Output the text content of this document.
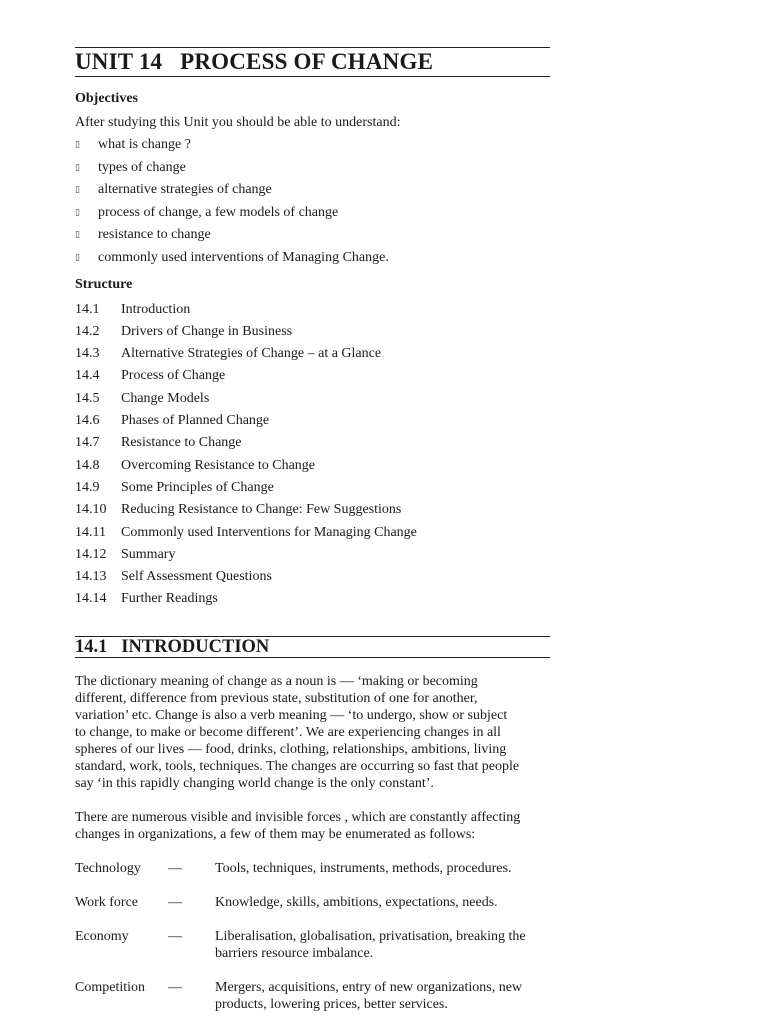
UNIT 14   PROCESS OF CHANGE
Objectives
After studying this Unit you should be able to understand:
▯ what is change ?
▯ types of change
▯ alternative strategies of change
▯ process of change, a few models of change
▯ resistance to change
▯ commonly used interventions of Managing Change.
Structure
14.1	Introduction
14.2	Drivers of Change in Business
14.3	Alternative Strategies of Change – at a Glance
14.4	Process of Change
14.5	Change Models
14.6	Phases of Planned Change
14.7	Resistance to Change
14.8	Overcoming Resistance to Change
14.9	Some Principles of Change
14.10	Reducing Resistance to Change: Few Suggestions
14.11	Commonly used Interventions for Managing Change
14.12	Summary
14.13	Self Assessment Questions
14.14	Further Readings
14.1   INTRODUCTION
The dictionary meaning of change as a noun is — ‘making or becoming
different, difference from previous state, substitution of one for another,
variation’ etc. Change is also a verb meaning — ‘to undergo, show or subject
to change, to make or become different’. We are experiencing changes in all
spheres of our lives — food, drinks, clothing, relationships, ambitions, living
standard, work, tools, techniques. The changes are occurring so fast that people
say ‘in this rapidly changing world change is the only constant’.
There are numerous visible and invisible forces , which are constantly affecting
changes in organizations, a few of them may be enumerated as follows:
Technology	—	Tools, techniques, instruments, methods, procedures.
Work force	—	Knowledge, skills, ambitions, expectations, needs.
Economy	—	Liberalisation, globalisation, privatisation, breaking the
barriers resource imbalance.
Competition	—	Mergers, acquisitions, entry of new organizations, new
products, lowering prices, better services.
